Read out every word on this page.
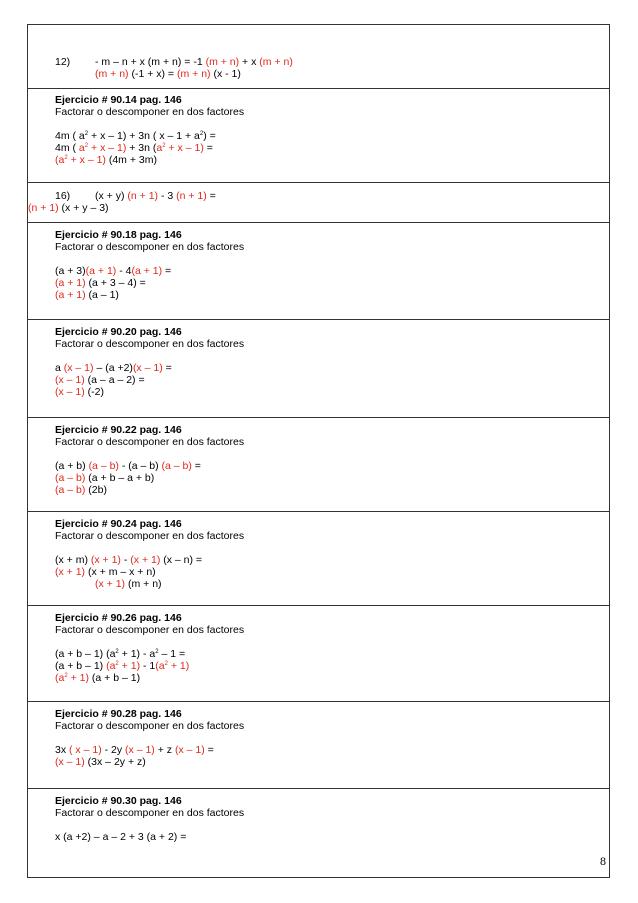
12) - m – n + x (m + n) = -1 (m + n) + x (m + n)
(m + n) (-1 + x) = (m + n) (x - 1)
Ejercicio # 90.14 pag. 146
Factorar o descomponer en dos factores
4m ( $a^2 + x - 1) + 3n$ ( $x - 1 + a^2$) =
4m ( $a^2 + x - 1) + 3n$ $(a^2 + x - 1)$ =
$(a^2 + x - 1) (4m + 3m)$
16) (x + y) (n + 1) - 3 (n + 1) =
(n + 1) (x + y – 3)
Ejercicio # 90.18 pag. 146
Factorar o descomponer en dos factores
(a + 3)(a + 1) - 4(a + 1) =
(a + 1) (a + 3 – 4) =
(a + 1) (a – 1)
Ejercicio # 90.20 pag. 146
Factorar o descomponer en dos factores
a (x – 1) – (a +2)(x – 1) =
(x – 1) (a – a – 2) =
(x – 1) (-2)
Ejercicio # 90.22 pag. 146
Factorar o descomponer en dos factores
(a + b) (a – b) - (a – b) (a – b) =
(a – b) (a + b – a + b)
(a – b) (2b)
Ejercicio # 90.24 pag. 146
Factorar o descomponer en dos factores
(x + m) (x + 1) - (x + 1) (x – n) =
(x + 1) (x + m – x + n)
(x + 1) (m + n)
Ejercicio # 90.26 pag. 146
Factorar o descomponer en dos factores
(a + b – 1) $(a^2 + 1) - a^2 - 1$ =
(a + b – 1) $(a^2 + 1) - 1(a^2 + 1)$
$(a^2 + 1) (a + b - 1)$
Ejercicio # 90.28 pag. 146
Factorar o descomponer en dos factores
3x ( x – 1) - 2y (x – 1) + z (x – 1) =
(x – 1) (3x – 2y + z)
Ejercicio # 90.30 pag. 146
Factorar o descomponer en dos factores
x (a +2) – a – 2 + 3 (a + 2) =
8
